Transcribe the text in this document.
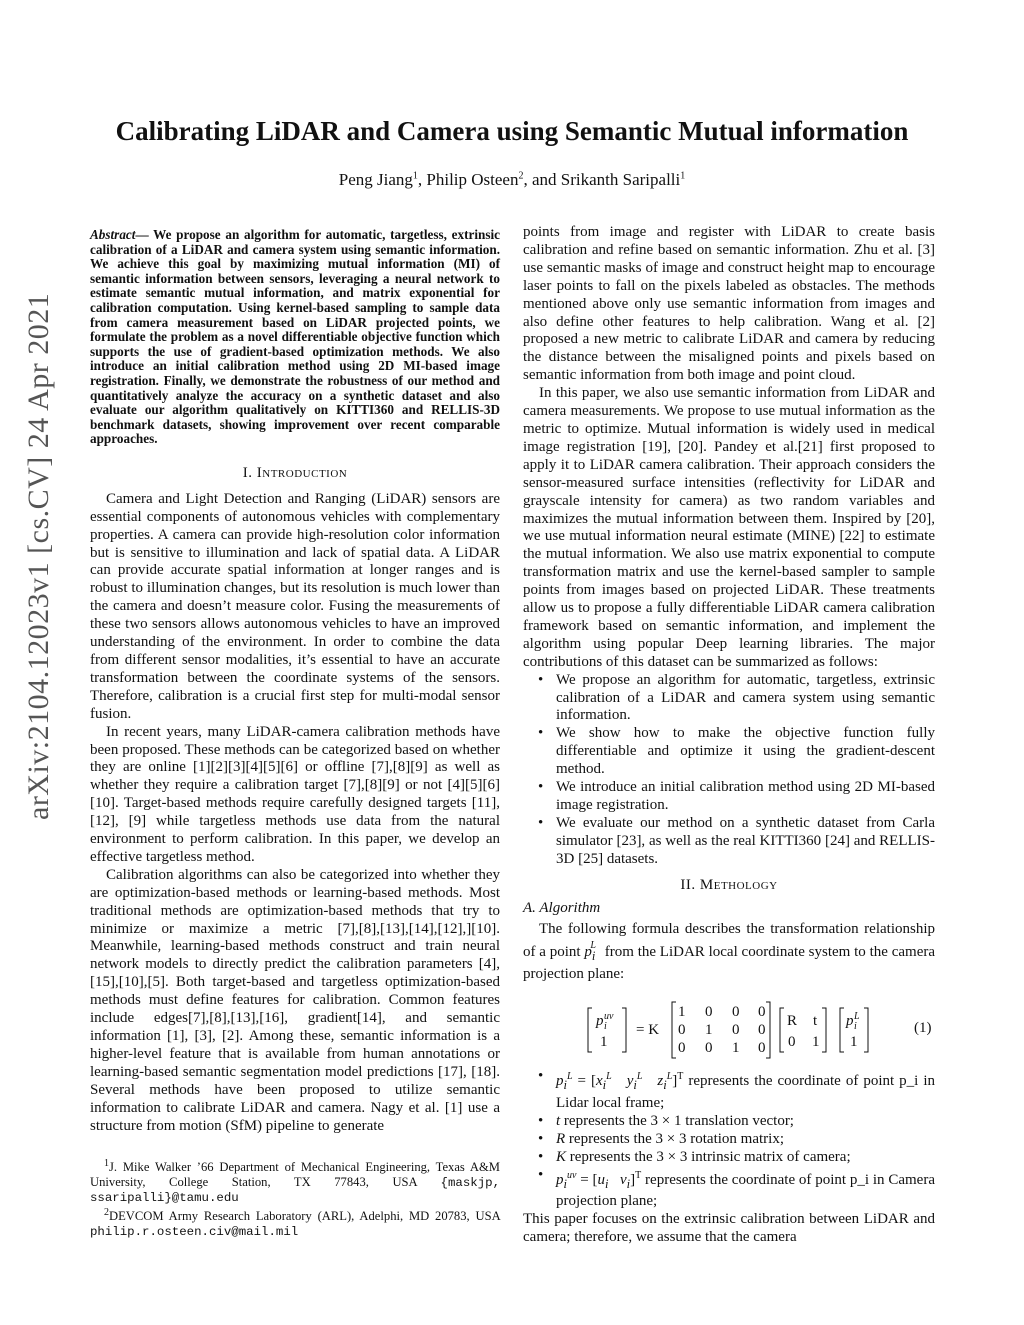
arXiv:2104.12023v1 [cs.CV] 24 Apr 2021
Calibrating LiDAR and Camera using Semantic Mutual information
Peng Jiang$^1$, Philip Osteen$^2$, and Srikanth Saripalli$^1$
Abstract— We propose an algorithm for automatic, targetless, extrinsic calibration of a LiDAR and camera system using semantic information. We achieve this goal by maximizing mutual information (MI) of semantic information between sensors, leveraging a neural network to estimate semantic mutual information, and matrix exponential for calibration computation. Using kernel-based sampling to sample data from camera measurement based on LiDAR projected points, we formulate the problem as a novel differentiable objective function which supports the use of gradient-based optimization methods. We also introduce an initial calibration method using 2D MI-based image registration. Finally, we demonstrate the robustness of our method and quantitatively analyze the accuracy on a synthetic dataset and also evaluate our algorithm qualitatively on KITTI360 and RELLIS-3D benchmark datasets, showing improvement over recent comparable approaches.
I. Introduction

Camera and Light Detection and Ranging (LiDAR) sensors are essential components of autonomous vehicles with complementary properties. A camera can provide high-resolution color information but is sensitive to illumination and lack of spatial data. A LiDAR can provide accurate spatial information at longer ranges and is robust to illumination changes, but its resolution is much lower than the camera and doesn’t measure color. Fusing the measurements of these two sensors allows autonomous vehicles to have an improved understanding of the environment. In order to combine the data from different sensor modalities, it’s essential to have an accurate transformation between the coordinate systems of the sensors. Therefore, calibration is a crucial first step for multi-modal sensor fusion.

In recent years, many LiDAR-camera calibration methods have been proposed. These methods can be categorized based on whether they are online [1][2][3][4][5][6] or offline [7],[8][9] as well as whether they require a calibration target [7],[8][9] or not [4][5][6][10]. Target-based methods require carefully designed targets [11], [12], [9] while targetless methods use data from the natural environment to perform calibration. In this paper, we develop an effective targetless method.

Calibration algorithms can also be categorized into whether they are optimization-based methods or learning-based methods. Most traditional methods are optimization-based methods that try to minimize or maximize a metric [7],[8],[13],[14],[12],][10]. Meanwhile, learning-based methods construct and train neural network models to directly predict the calibration parameters [4],[15],[10],[5]. Both target-based and targetless optimization-based methods must define features for calibration. Common features include edges[7],[8],[13],[16], gradient[14], and semantic information [1], [3], [2]. Among these, semantic information is a higher-level feature that is available from human annotations or learning-based semantic segmentation model predictions [17], [18]. Several methods have been proposed to utilize semantic information to calibrate LiDAR and camera. Nagy et al. [1] use a structure from motion (SfM) pipeline to generate

$^1$J. Mike Walker ’66 Department of Mechanical Engineering, Texas A&M University, College Station, TX 77843, USA {maskjp, ssaripalli}@tamu.edu
$^2$DEVCOM Army Research Laboratory (ARL), Adelphi, MD 20783, USA philip.r.osteen.civ@mail.mil

points from image and register with LiDAR to create basis calibration and refine based on semantic information. Zhu et al. [3] use semantic masks of image and construct height map to encourage laser points to fall on the pixels labeled as obstacles. The methods mentioned above only use semantic information from images and also define other features to help calibration. Wang et al. [2] proposed a new metric to calibrate LiDAR and camera by reducing the distance between the misaligned points and pixels based on semantic information from both image and point cloud.

In this paper, we also use semantic information from LiDAR and camera measurements. We propose to use mutual information as the metric to optimize. Mutual information is widely used in medical image registration [19], [20]. Pandey et al.[21] first proposed to apply it to LiDAR camera calibration. Their approach considers the sensor-measured surface intensities (reflectivity for LiDAR and grayscale intensity for camera) as two random variables and maximizes the mutual information between them. Inspired by [20], we use mutual information neural estimate (MINE) [22] to estimate the mutual information. We also use matrix exponential to compute transformation matrix and use the kernel-based sampler to sample points from images based on projected LiDAR. These treatments allow us to propose a fully differentiable LiDAR camera calibration framework based on semantic information, and implement the algorithm using popular Deep learning libraries. The major contributions of this dataset can be summarized as follows:

• We propose an algorithm for automatic, targetless, extrinsic calibration of a LiDAR and camera system using semantic information.
• We show how to make the objective function fully differentiable and optimize it using the gradient-descent method.
• We introduce an initial calibration method using 2D MI-based image registration.
• We evaluate our method on a synthetic dataset from Carla simulator [23], as well as the real KITTI360 [24] and RELLIS-3D [25] datasets.
II. Methology
A. Algorithm

The following formula describes the transformation relationship of a point $p_i^L$ from the LiDAR local coordinate system to the camera projection plane:

p i
uv
1
= K
1 0 0 0
0 1 0 0
0 0 1 0
R t
0 1
p i
L
1
(1)
• $p_i^L = [x_i^L$   $y_i^L$   $z_i^L]^T$ represents the coordinate of point p_i in Lidar local frame;
• t represents the 3 × 1 translation vector;
• R represents the 3 × 3 rotation matrix;
• K represents the 3 × 3 intrinsic matrix of camera;
• $p_i^{uv} = [u_i$   $v_i]^T$ represents the coordinate of point p_i in Camera projection plane;

This paper focuses on the extrinsic calibration between LiDAR and camera; therefore, we assume that the camera
